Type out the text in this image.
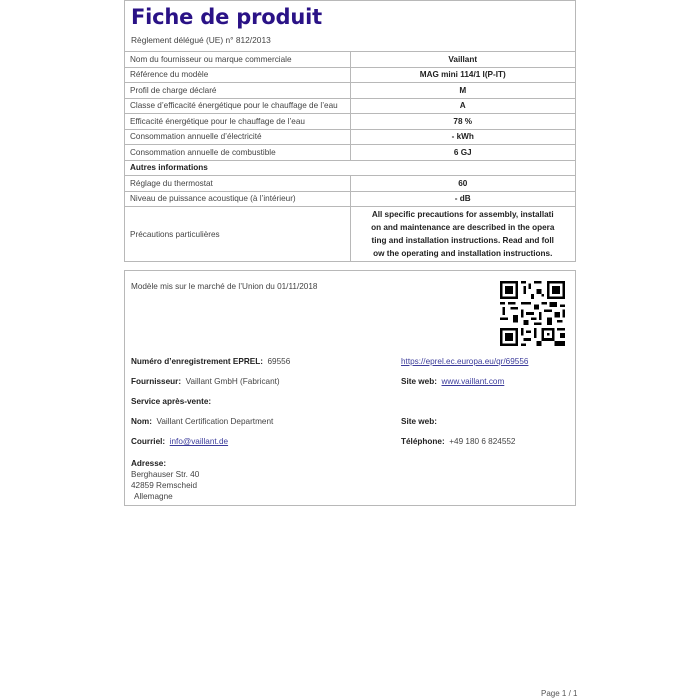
Fiche de produit
Règlement délégué (UE) n° 812/2013
Nom du fournisseur ou marque commerciale	Vaillant
Référence du modèle	MAG mini 114/1 I(P-IT)
Profil de charge déclaré	M
Classe d’efficacité énergétique pour le chauffage de l’eau	A
Efficacité énergétique pour le chauffage de l’eau	78 %
Consommation annuelle d’électricité	- kWh
Consommation annuelle de combustible	6 GJ
Autres informations	
Réglage du thermostat	60
Niveau de puissance acoustique (à l’intérieur)	- dB
Précautions particulières	All specific precautions for assembly, installati
on and maintenance are described in the opera
ting and installation instructions. Read and foll
ow the operating and installation instructions.
Modèle mis sur le marché de l’Union du 01/11/2018
Numéro d’enregistrement EPREL: 69556	https://eprel.ec.europa.eu/qr/69556
Fournisseur: Vaillant GmbH (Fabricant)	Site web: www.vaillant.com
Service après-vente:
Nom: Vaillant Certification Department	Site web:
Courriel: info@vaillant.de	Téléphone: +49 180 6 824552
Adresse:
Berghauser Str. 40
42859 Remscheid
Allemagne
Page 1 / 1
